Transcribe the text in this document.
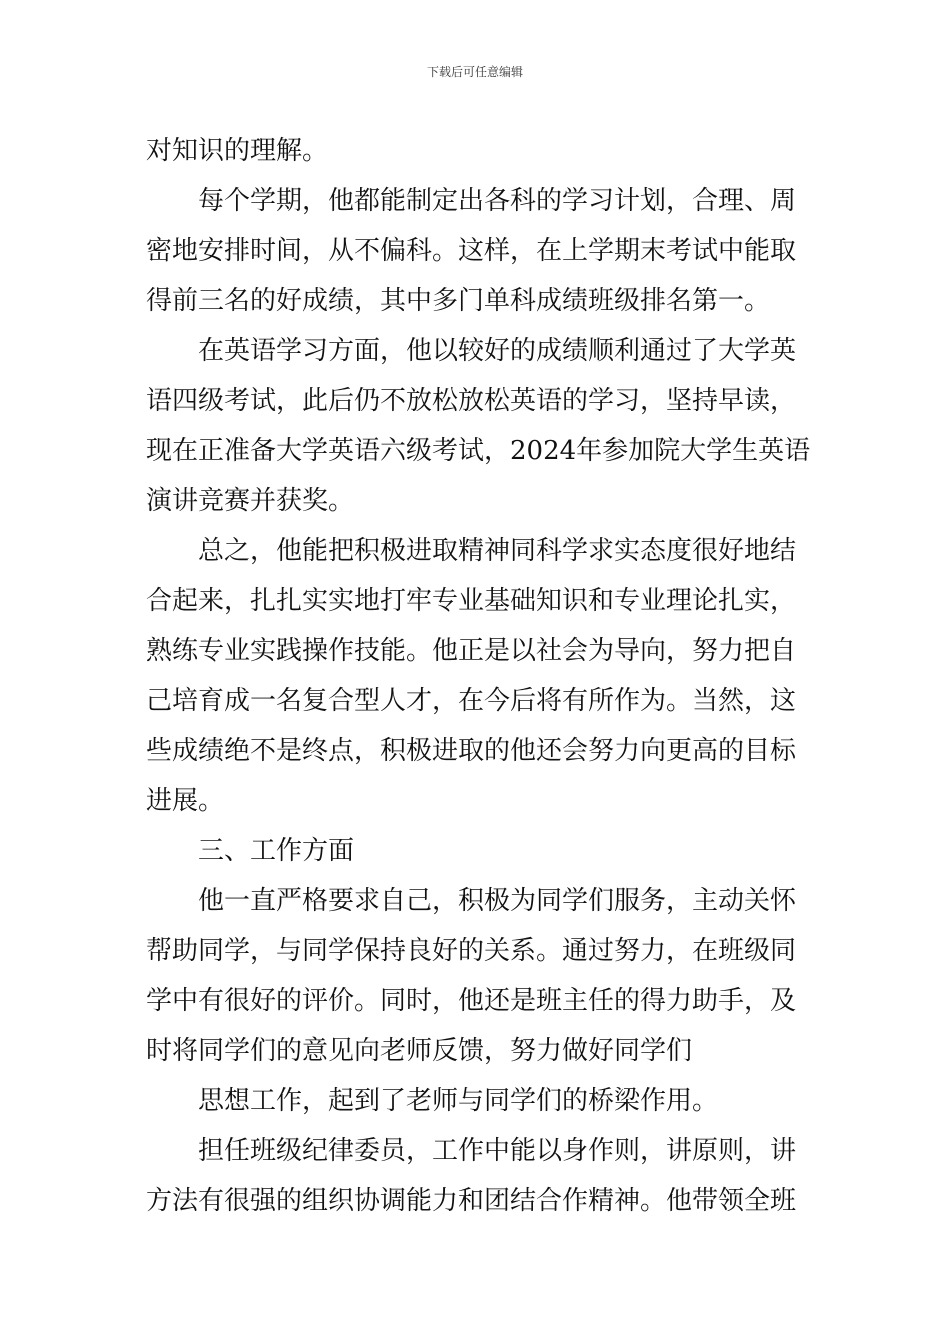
下载后可任意编辑
对知识的理解。
每个学期，他都能制定出各科的学习计划，合理、周
密地安排时间，从不偏科。这样，在上学期末考试中能取
得前三名的好成绩，其中多门单科成绩班级排名第一。
在英语学习方面，他以较好的成绩顺利通过了大学英
语四级考试，此后仍不放松放松英语的学习，坚持早读，
现在正准备大学英语六级考试，2024年参加院大学生英语
演讲竞赛并获奖。
总之，他能把积极进取精神同科学求实态度很好地结
合起来，扎扎实实地打牢专业基础知识和专业理论扎实，
熟练专业实践操作技能。他正是以社会为导向，努力把自
己培育成一名复合型人才，在今后将有所作为。当然，这
些成绩绝不是终点，积极进取的他还会努力向更高的目标
进展。
三、工作方面
他一直严格要求自己，积极为同学们服务，主动关怀
帮助同学，与同学保持良好的关系。通过努力，在班级同
学中有很好的评价。同时，他还是班主任的得力助手，及
时将同学们的意见向老师反馈，努力做好同学们
思想工作，起到了老师与同学们的桥梁作用。
担任班级纪律委员，工作中能以身作则，讲原则，讲
方法有很强的组织协调能力和团结合作精神。他带领全班
